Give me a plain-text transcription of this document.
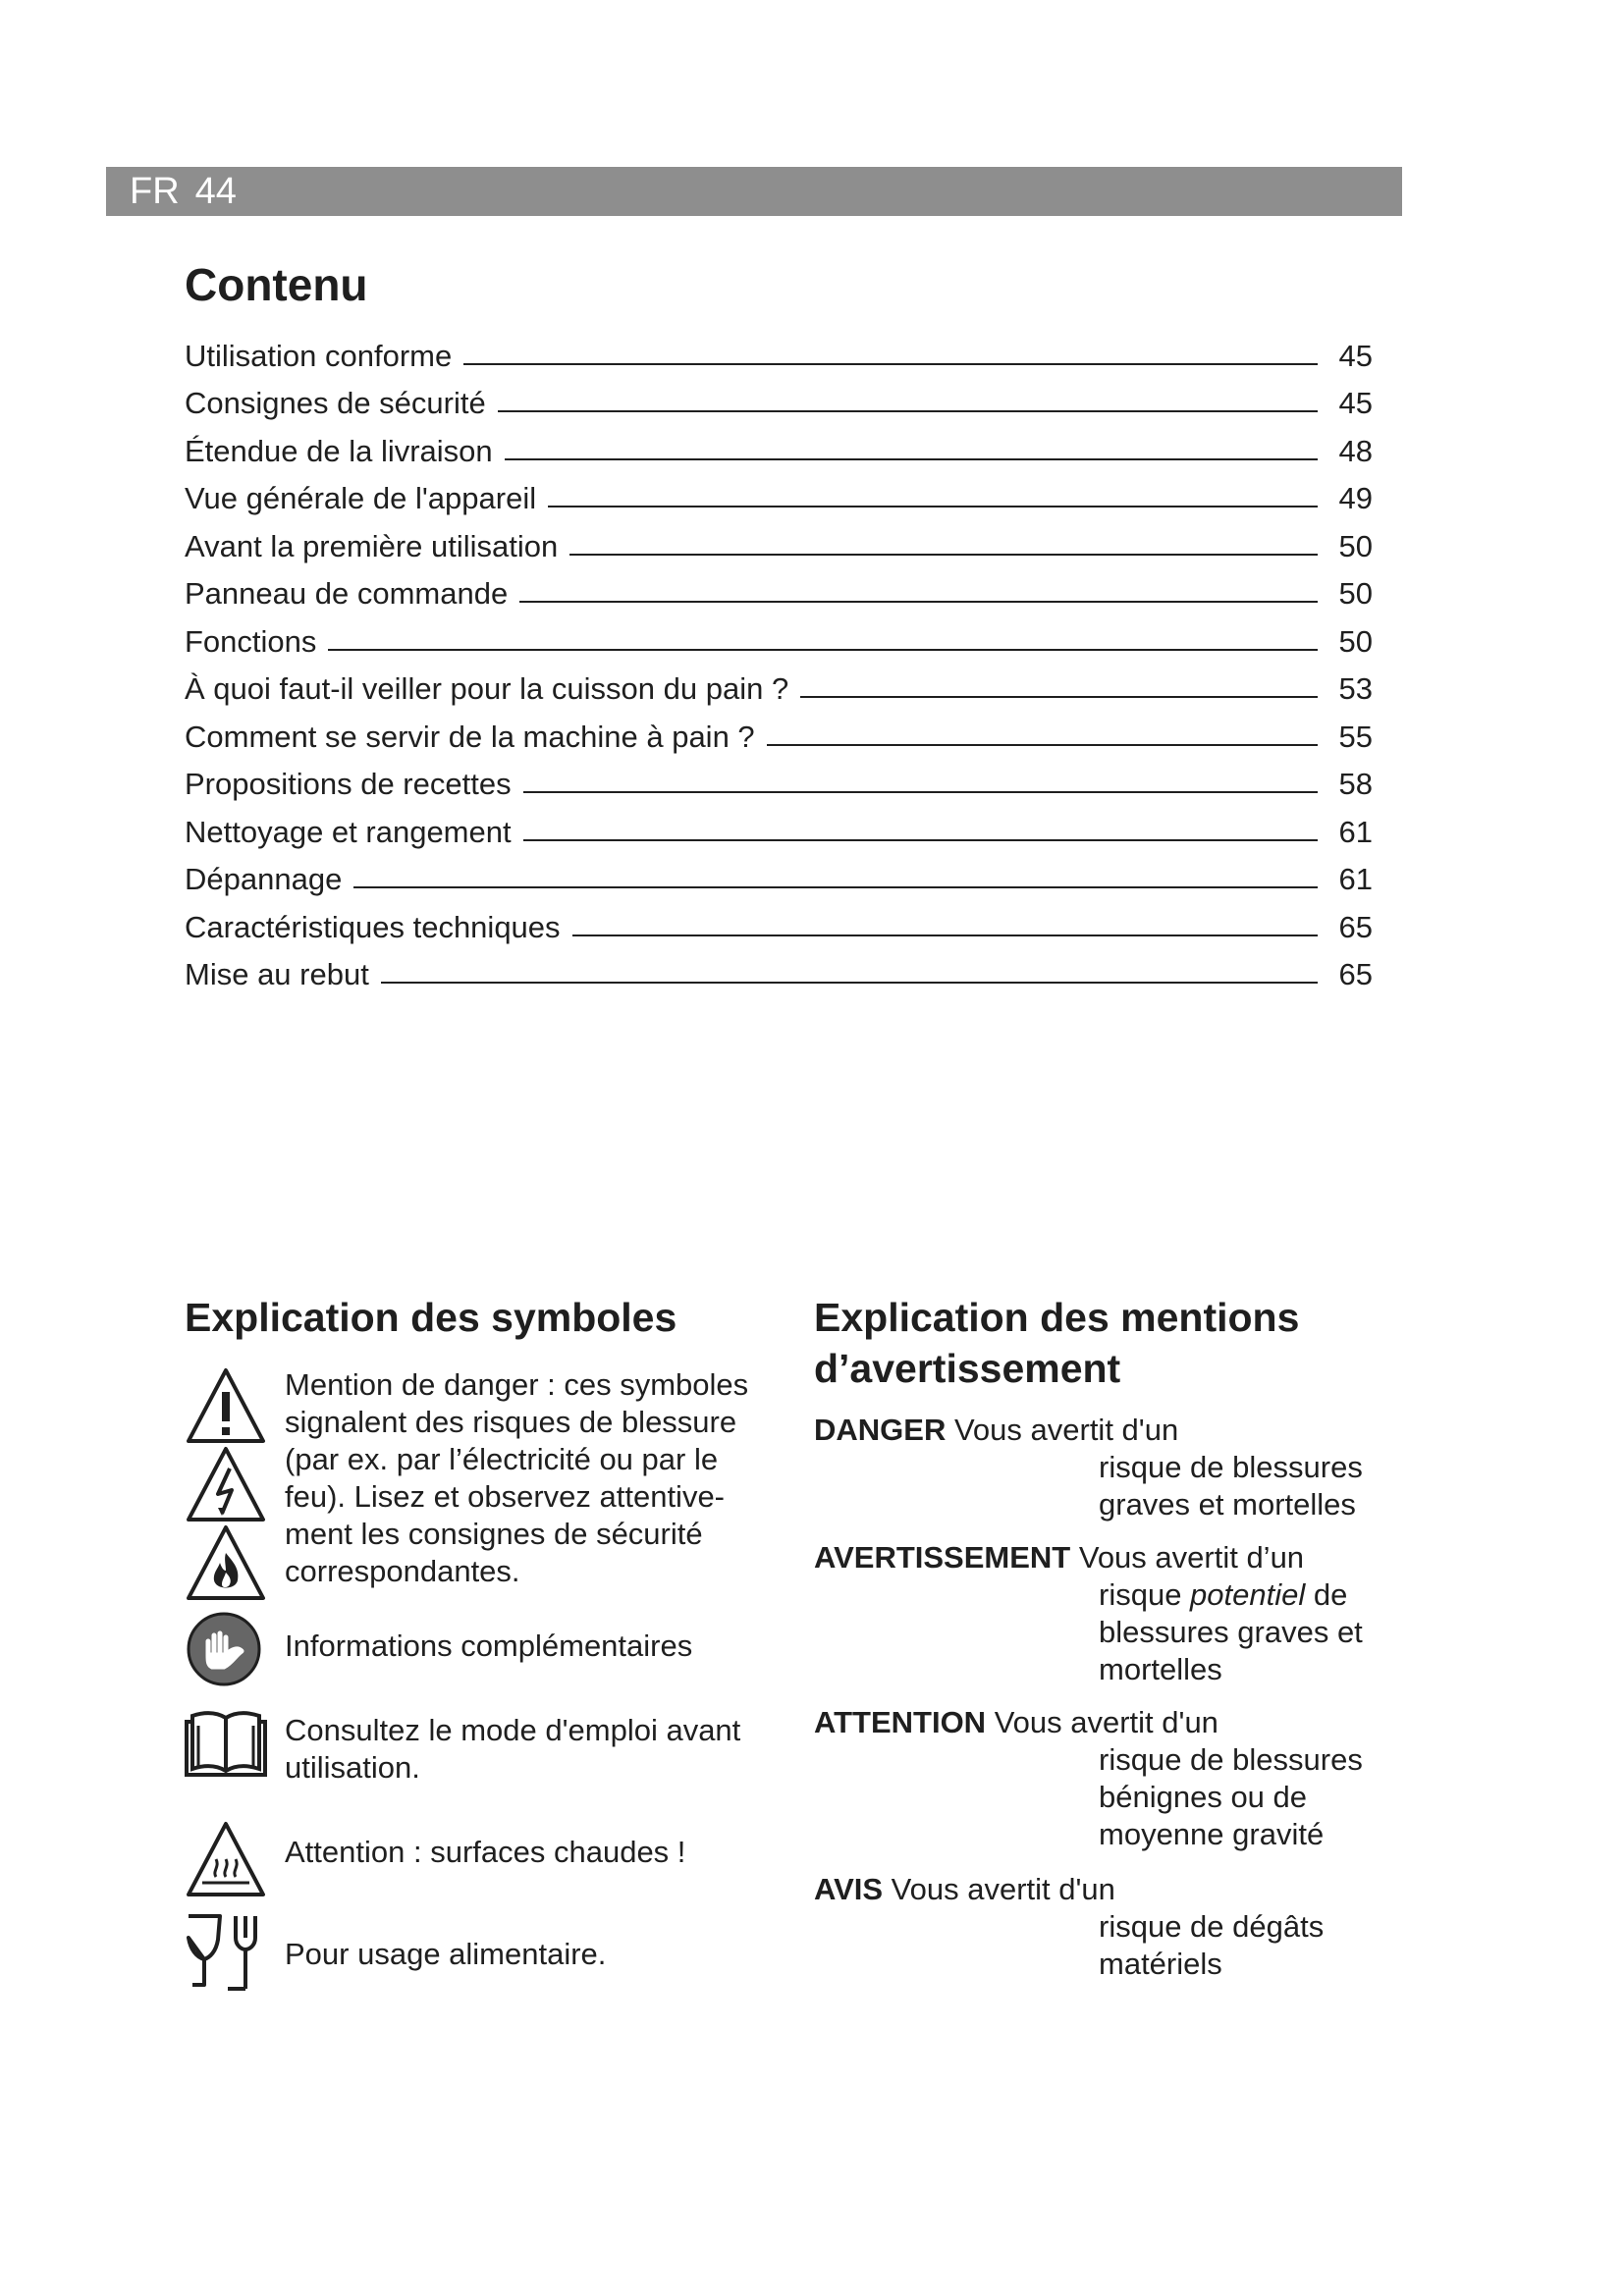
FR 44
Contenu
Utilisation conforme	45
Consignes de sécurité	45
Étendue de la livraison	48
Vue générale de l'appareil	49
Avant la première utilisation	50
Panneau de commande	50
Fonctions	50
À quoi faut-il veiller pour la cuisson du pain ?	53
Comment se servir de la machine à pain ?	55
Propositions de recettes	58
Nettoyage et rangement	61
Dépannage	61
Caractéristiques techniques	65
Mise au rebut	65
Explication des symboles
Mention de danger : ces symboles
signalent des risques de blessure
(par ex. par l’électricité ou par le
feu). Lisez et observez attentive-
ment les consignes de sécurité
correspondantes.
Informations complémentaires
Consultez le mode d'emploi avant
utilisation.
Attention : surfaces chaudes !
Pour usage alimentaire.
Explication des mentions
d’avertissement
DANGER Vous avertit d'un
risque de blessures
graves et mortelles
AVERTISSEMENT Vous avertit d’un
risque potentiel de
blessures graves et
mortelles
ATTENTION Vous avertit d'un
risque de blessures
bénignes ou de
moyenne gravité
AVIS Vous avertit d'un
risque de dégâts
matériels
